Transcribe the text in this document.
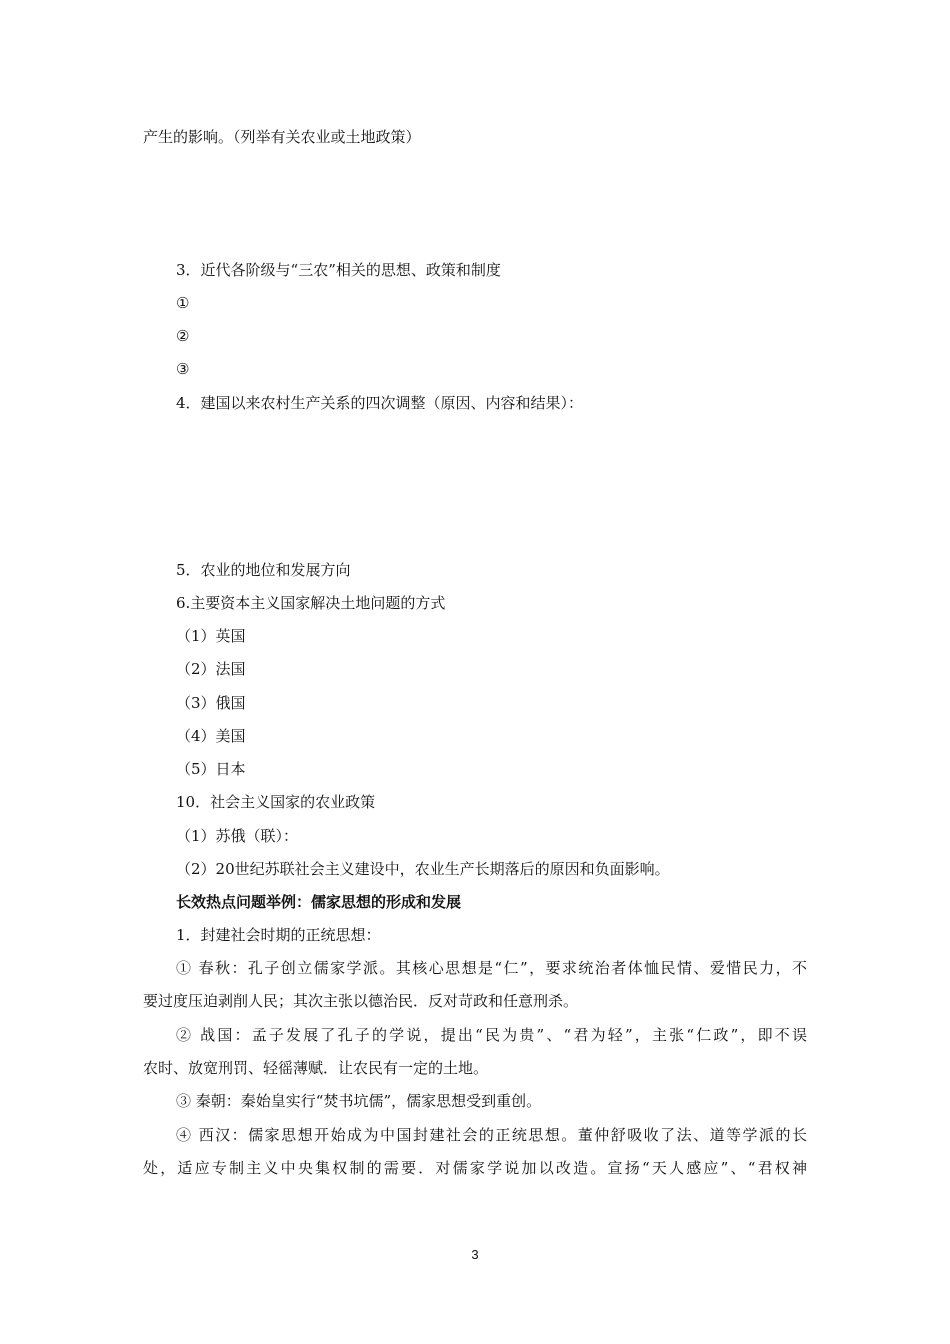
产生的影响。（列举有关农业或土地政策）
3．近代各阶级与“三农”相关的思想、政策和制度
①
②
③
4．建国以来农村生产关系的四次调整（原因、内容和结果）：
5．农业的地位和发展方向
6.主要资本主义国家解决土地问题的方式
（1）英国
（2）法国
（3）俄国
（4）美国
（5）日本
10．社会主义国家的农业政策
（1）苏俄（联）：
（2）20世纪苏联社会主义建设中，农业生产长期落后的原因和负面影响。
长效热点问题举例：儒家思想的形成和发展
1．封建社会时期的正统思想：
① 春秋：孔子创立儒家学派。其核心思想是“仁”，要求统治者体恤民情、爱惜民力，不
要过度压迫剥削人民；其次主张以德治民．反对苛政和任意刑杀。
② 战国：孟子发展了孔子的学说，提出“民为贵”、“君为轻”，主张“仁政”，即不误
农时、放宽刑罚、轻徭薄赋．让农民有一定的土地。
③ 秦朝：秦始皇实行“焚书坑儒”，儒家思想受到重创。
④ 西汉：儒家思想开始成为中国封建社会的正统思想。董仲舒吸收了法、道等学派的长
处，适应专制主义中央集权制的需要．对儒家学说加以改造。宣扬“天人感应”、“君权神
3
